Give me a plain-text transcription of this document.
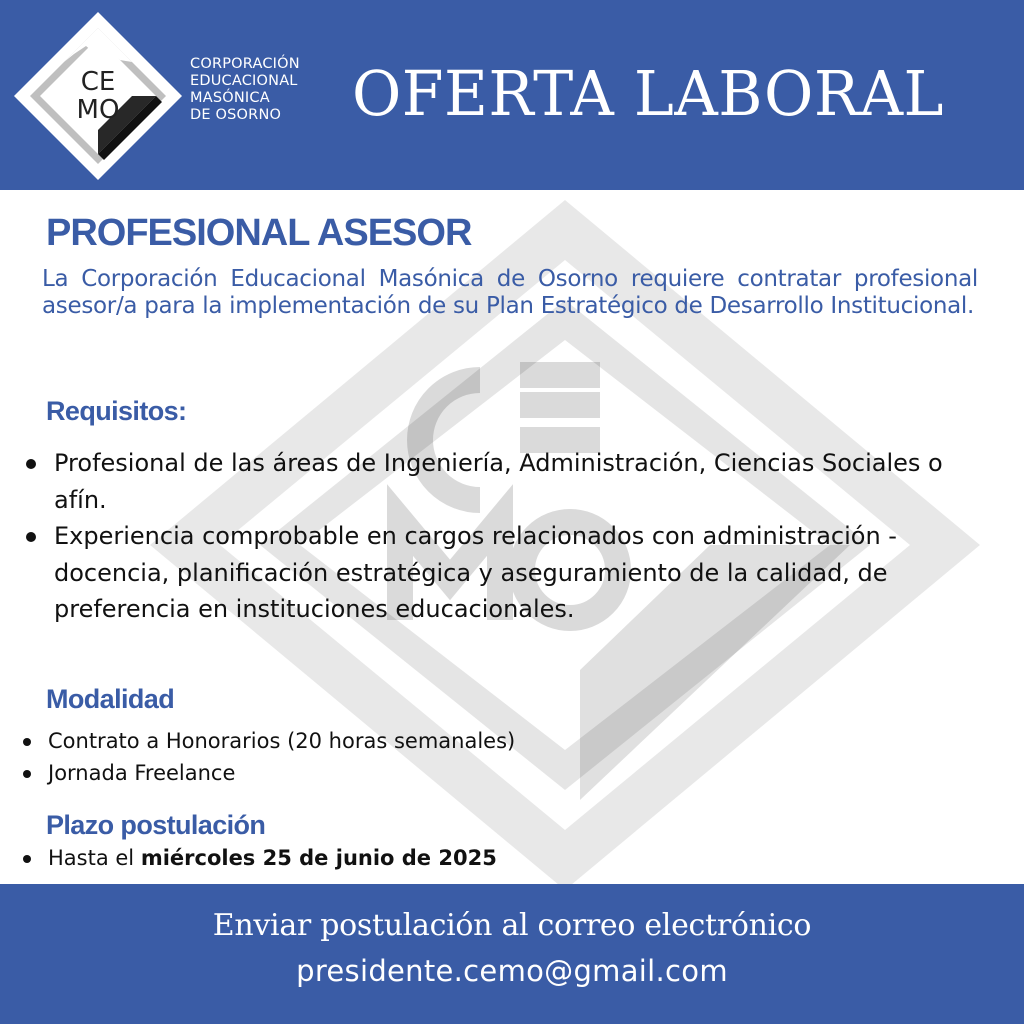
CE
MO
CORPORACIÓN
EDUCACIONAL
MASÓNICA
DE OSORNO	OFERTA LABORAL
PROFESIONAL ASESOR
La Corporación Educacional Masónica de Osorno requiere contratar profesional asesor/a para la implementación de su Plan Estratégico de Desarrollo Institucional.
Requisitos:
Profesional de las áreas de Ingeniería, Administración, Ciencias Sociales o afín.
Experiencia comprobable en cargos relacionados con administración - docencia, planificación estratégica y aseguramiento de la calidad, de preferencia en instituciones educacionales.
Modalidad
Contrato a Honorarios (20 horas semanales)
Jornada Freelance
Plazo postulación
Hasta el miércoles 25 de junio de 2025
Enviar postulación al correo electrónico
presidente.cemo@gmail.com
